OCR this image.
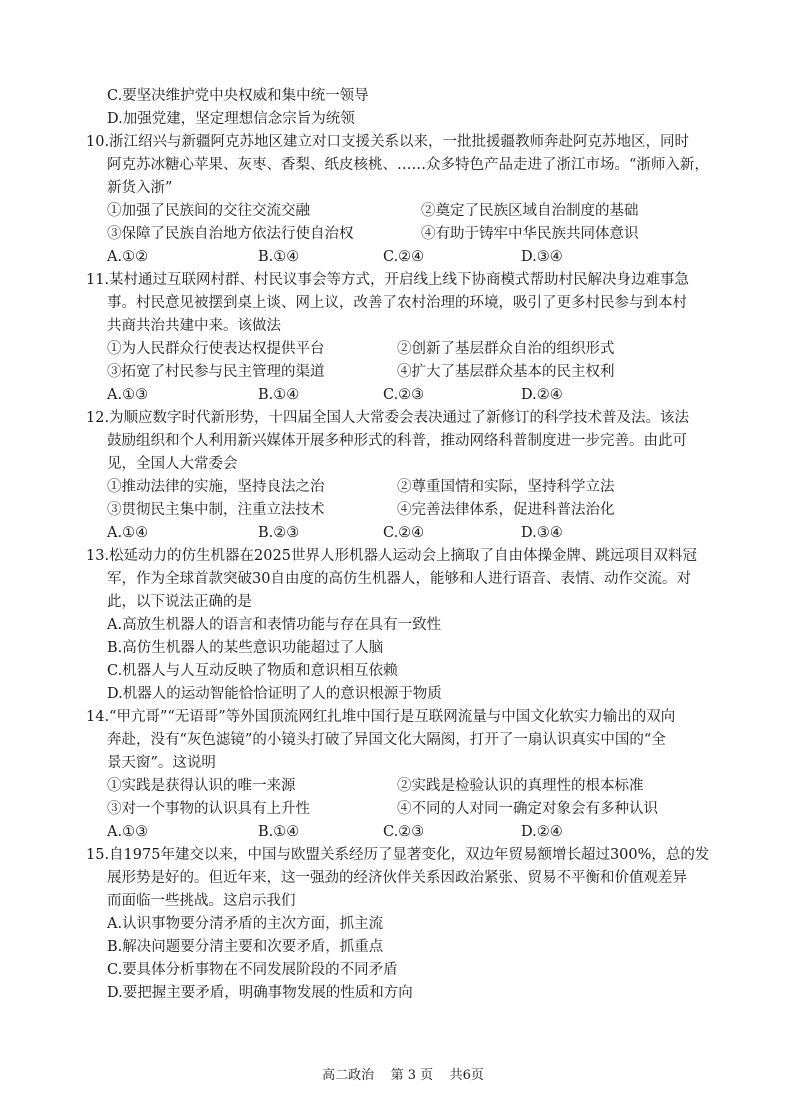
C.要坚决维护党中央权威和集中统一领导
D.加强党建，坚定理想信念宗旨为统领
10.浙江绍兴与新疆阿克苏地区建立对口支援关系以来，一批批援疆教师奔赴阿克苏地区，同时
阿克苏冰糖心苹果、灰枣、香梨、纸皮核桃、……众多特色产品走进了浙江市场。“浙师入新，
新货入浙”
①加强了民族间的交往交流交融	②奠定了民族区域自治制度的基础
③保障了民族自治地方依法行使自治权	④有助于铸牢中华民族共同体意识
A.①②	B.①④	C.②④	D.③④
11.某村通过互联网村群、村民议事会等方式，开启线上线下协商模式帮助村民解决身边难事急
事。村民意见被摆到桌上谈、网上议，改善了农村治理的环境，吸引了更多村民参与到本村
共商共治共建中来。该做法
①为人民群众行使表达权提供平台	②创新了基层群众自治的组织形式
③拓宽了村民参与民主管理的渠道	④扩大了基层群众基本的民主权利
A.①③	B.①④	C.②③	D.②④
12.为顺应数字时代新形势，十四届全国人大常委会表决通过了新修订的科学技术普及法。该法
鼓励组织和个人利用新兴媒体开展多种形式的科普，推动网络科普制度进一步完善。由此可
见，全国人大常委会
①推动法律的实施，坚持良法之治	②尊重国情和实际，坚持科学立法
③贯彻民主集中制，注重立法技术	④完善法律体系，促进科普法治化
A.①④	B.②③	C.②④	D.③④
13.松延动力的仿生机器在2025世界人形机器人运动会上摘取了自由体操金牌、跳远项目双料冠
军，作为全球首款突破30自由度的高仿生机器人，能够和人进行语音、表情、动作交流。对
此，以下说法正确的是
A.高放生机器人的语言和表情功能与存在具有一致性
B.高仿生机器人的某些意识功能超过了人脑
C.机器人与人互动反映了物质和意识相互依赖
D.机器人的运动智能恰恰证明了人的意识根源于物质
14.“甲亢哥”“无语哥”等外国顶流网红扎堆中国行是互联网流量与中国文化软实力输出的双向
奔赴，没有“灰色滤镜”的小镜头打破了异国文化大隔阂，打开了一扇认识真实中国的“全
景天窗”。这说明
①实践是获得认识的唯一来源	②实践是检验认识的真理性的根本标准
③对一个事物的认识具有上升性	④不同的人对同一确定对象会有多种认识
A.①③	B.①④	C.②③	D.②④
15.自1975年建交以来，中国与欧盟关系经历了显著变化，双边年贸易额增长超过300%，总的发
展形势是好的。但近年来，这一强劲的经济伙伴关系因政治紧张、贸易不平衡和价值观差异
而面临一些挑战。这启示我们
A.认识事物要分清矛盾的主次方面，抓主流
B.解决问题要分清主要和次要矛盾，抓重点
C.要具体分析事物在不同发展阶段的不同矛盾
D.要把握主要矛盾，明确事物发展的性质和方向
高二政治    第 3 页    共6页
